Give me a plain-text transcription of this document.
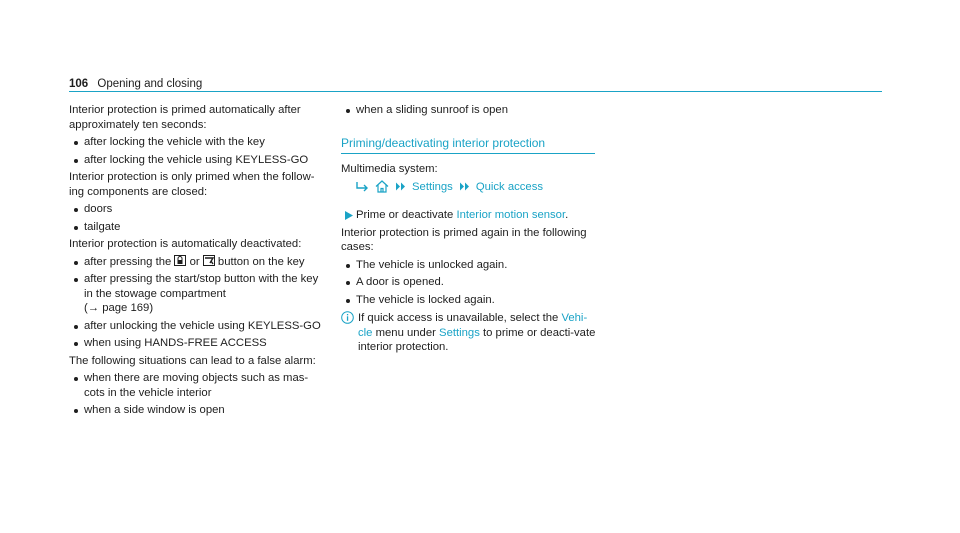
106 Opening and closing

Interior protection is primed automatically after approximately ten seconds:

after locking the vehicle with the key
after locking the vehicle using KEYLESS-GO

Interior protection is only primed when the follow-ing components are closed:

doors
tailgate

Interior protection is automatically deactivated:

after pressing the or button on the key
after pressing the start/stop button with the key in the stowage compartment
(→ page 169)
after unlocking the vehicle using KEYLESS-GO
when using HANDS-FREE ACCESS

The following situations can lead to a false alarm:

when there are moving objects such as mas-cots in the vehicle interior
when a side window is open
when a sliding sunroof is open
Priming/deactivating interior protection

Multimedia system:

Settings Quick access
Prime or deactivate Interior motion sensor.

Interior protection is primed again in the following cases:

The vehicle is unlocked again.
A door is opened.
The vehicle is locked again.
If quick access is unavailable, select the Vehi-cle menu under Settings to prime or deacti-vate interior protection.
